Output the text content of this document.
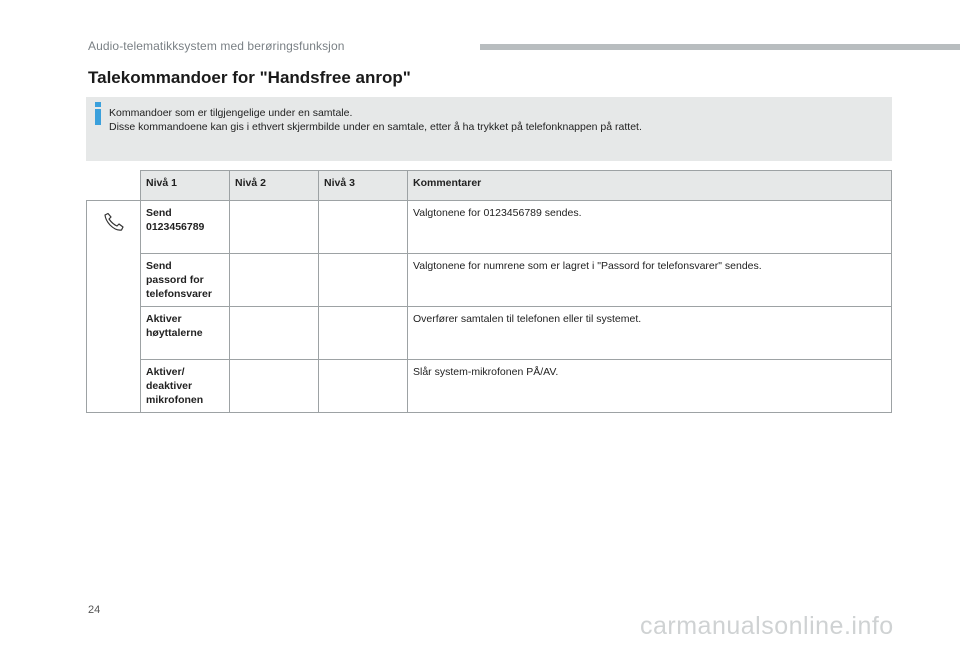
Audio-telematikksystem med berøringsfunksjon
Talekommandoer for "Handsfree anrop"
Kommandoer som er tilgjengelige under en samtale.
Disse kommandoene kan gis i ethvert skjermbilde under en samtale, etter å ha trykket på telefonknappen på rattet.
	Nivå 1	Nivå 2	Nivå 3	Kommentarer

	Send
0123456789			Valgtonene for 0123456789 sendes.
	Send
passord for
telefonsvarer			Valgtonene for numrene som er lagret i "Passord for telefonsvarer" sendes.
	Aktiver
høyttalerne			Overfører samtalen til telefonen eller til systemet.
	Aktiver/
deaktiver
mikrofonen			Slår system-mikrofonen PÅ/AV.
24
carmanualsonline.info
